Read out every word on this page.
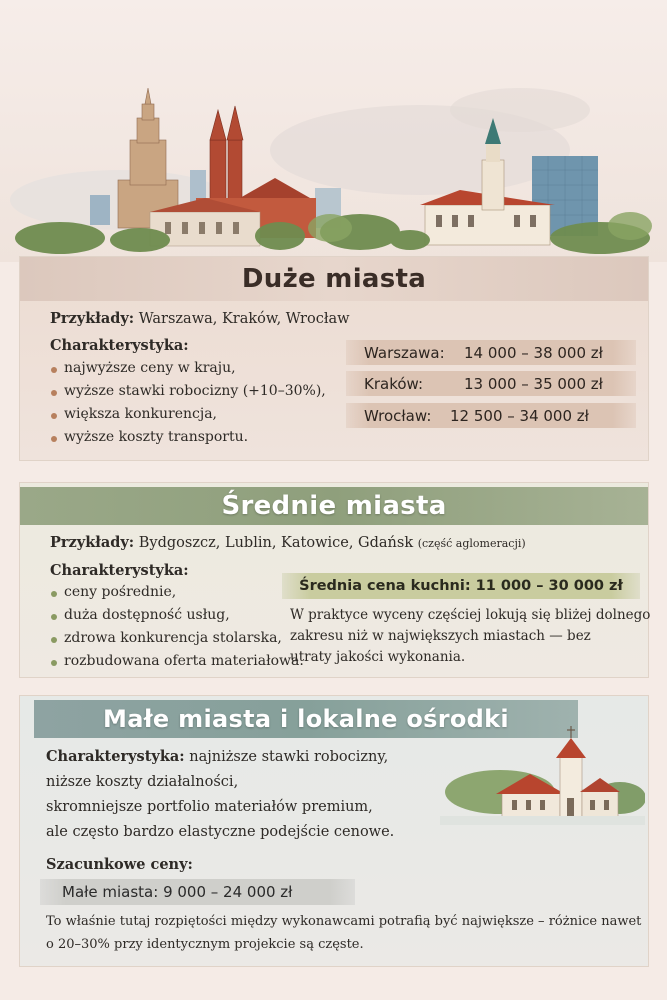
Duże miasta
Przykłady: Warszawa, Kraków, Wrocław
Charakterystyka:
najwyższe ceny w kraju,
wyższe stawki robocizny (+10–30%),
większa konkurencja,
wyższe koszty transportu.
Warszawa:	14 000 – 38 000 zł
Kraków:	13 000 – 35 000 zł
Wrocław:	12 500 – 34 000 zł
Średnie miasta
Przykłady: Bydgoszcz, Lublin, Katowice, Gdańsk (część aglomeracji)
Charakterystyka:
ceny pośrednie,
duża dostępność usług,
zdrowa konkurencja stolarska,
rozbudowana oferta materiałowa.
Średnia cena kuchni: 11 000 – 30 000 zł
W praktyce wyceny częściej lokują się bliżej dolnego
zakresu niż w największych miastach — bez
utraty jakości wykonania.
Małe miasta i lokalne ośrodki
Charakterystyka: najniższe stawki robocizny,
niższe koszty działalności,
skromniejsze portfolio materiałów premium,
ale często bardzo elastyczne podejście cenowe.
Szacunkowe ceny:
Małe miasta: 9 000 – 24 000 zł
To właśnie tutaj rozpiętości między wykonawcami potrafią być największe – różnice nawet
o 20–30% przy identycznym projekcie są częste.
